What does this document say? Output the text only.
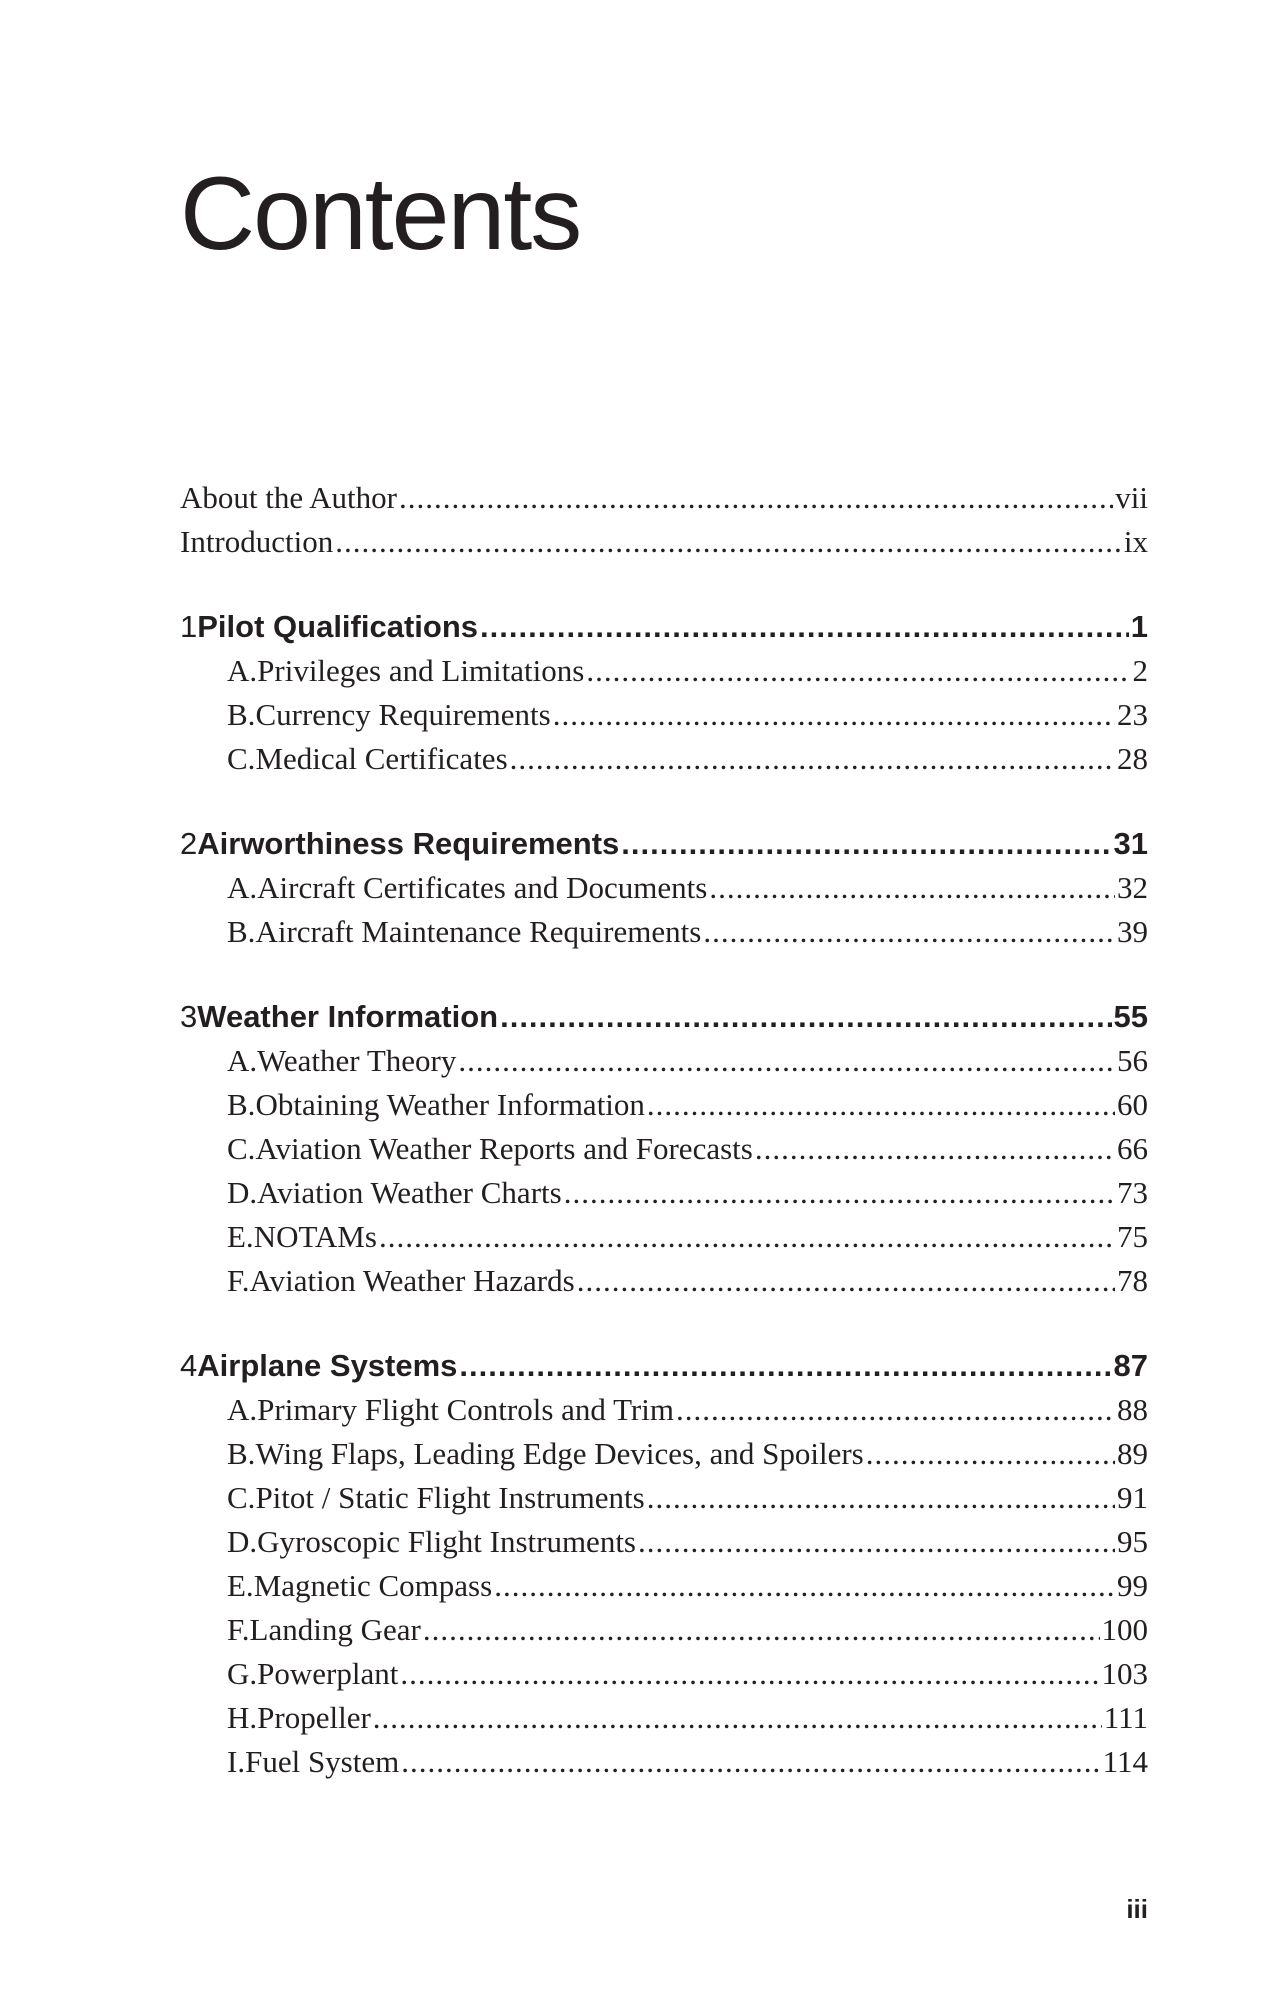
Contents
About the Author .....	vii
Introduction .....	ix
1 Pilot Qualifications .....	1
A. Privileges and Limitations .....	2
B. Currency Requirements .....	23
C. Medical Certificates .....	28
2 Airworthiness Requirements .....	31
A. Aircraft Certificates and Documents .....	32
B. Aircraft Maintenance Requirements .....	39
3 Weather Information .....	55
A. Weather Theory .....	56
B. Obtaining Weather Information .....	60
C. Aviation Weather Reports and Forecasts .....	66
D. Aviation Weather Charts .....	73
E. NOTAMs .....	75
F. Aviation Weather Hazards .....	78
4 Airplane Systems .....	87
A. Primary Flight Controls and Trim .....	88
B. Wing Flaps, Leading Edge Devices, and Spoilers .....	89
C. Pitot / Static Flight Instruments .....	91
D. Gyroscopic Flight Instruments .....	95
E. Magnetic Compass .....	99
F. Landing Gear .....	100
G. Powerplant .....	103
H. Propeller .....	111
I. Fuel System .....	114
iii
